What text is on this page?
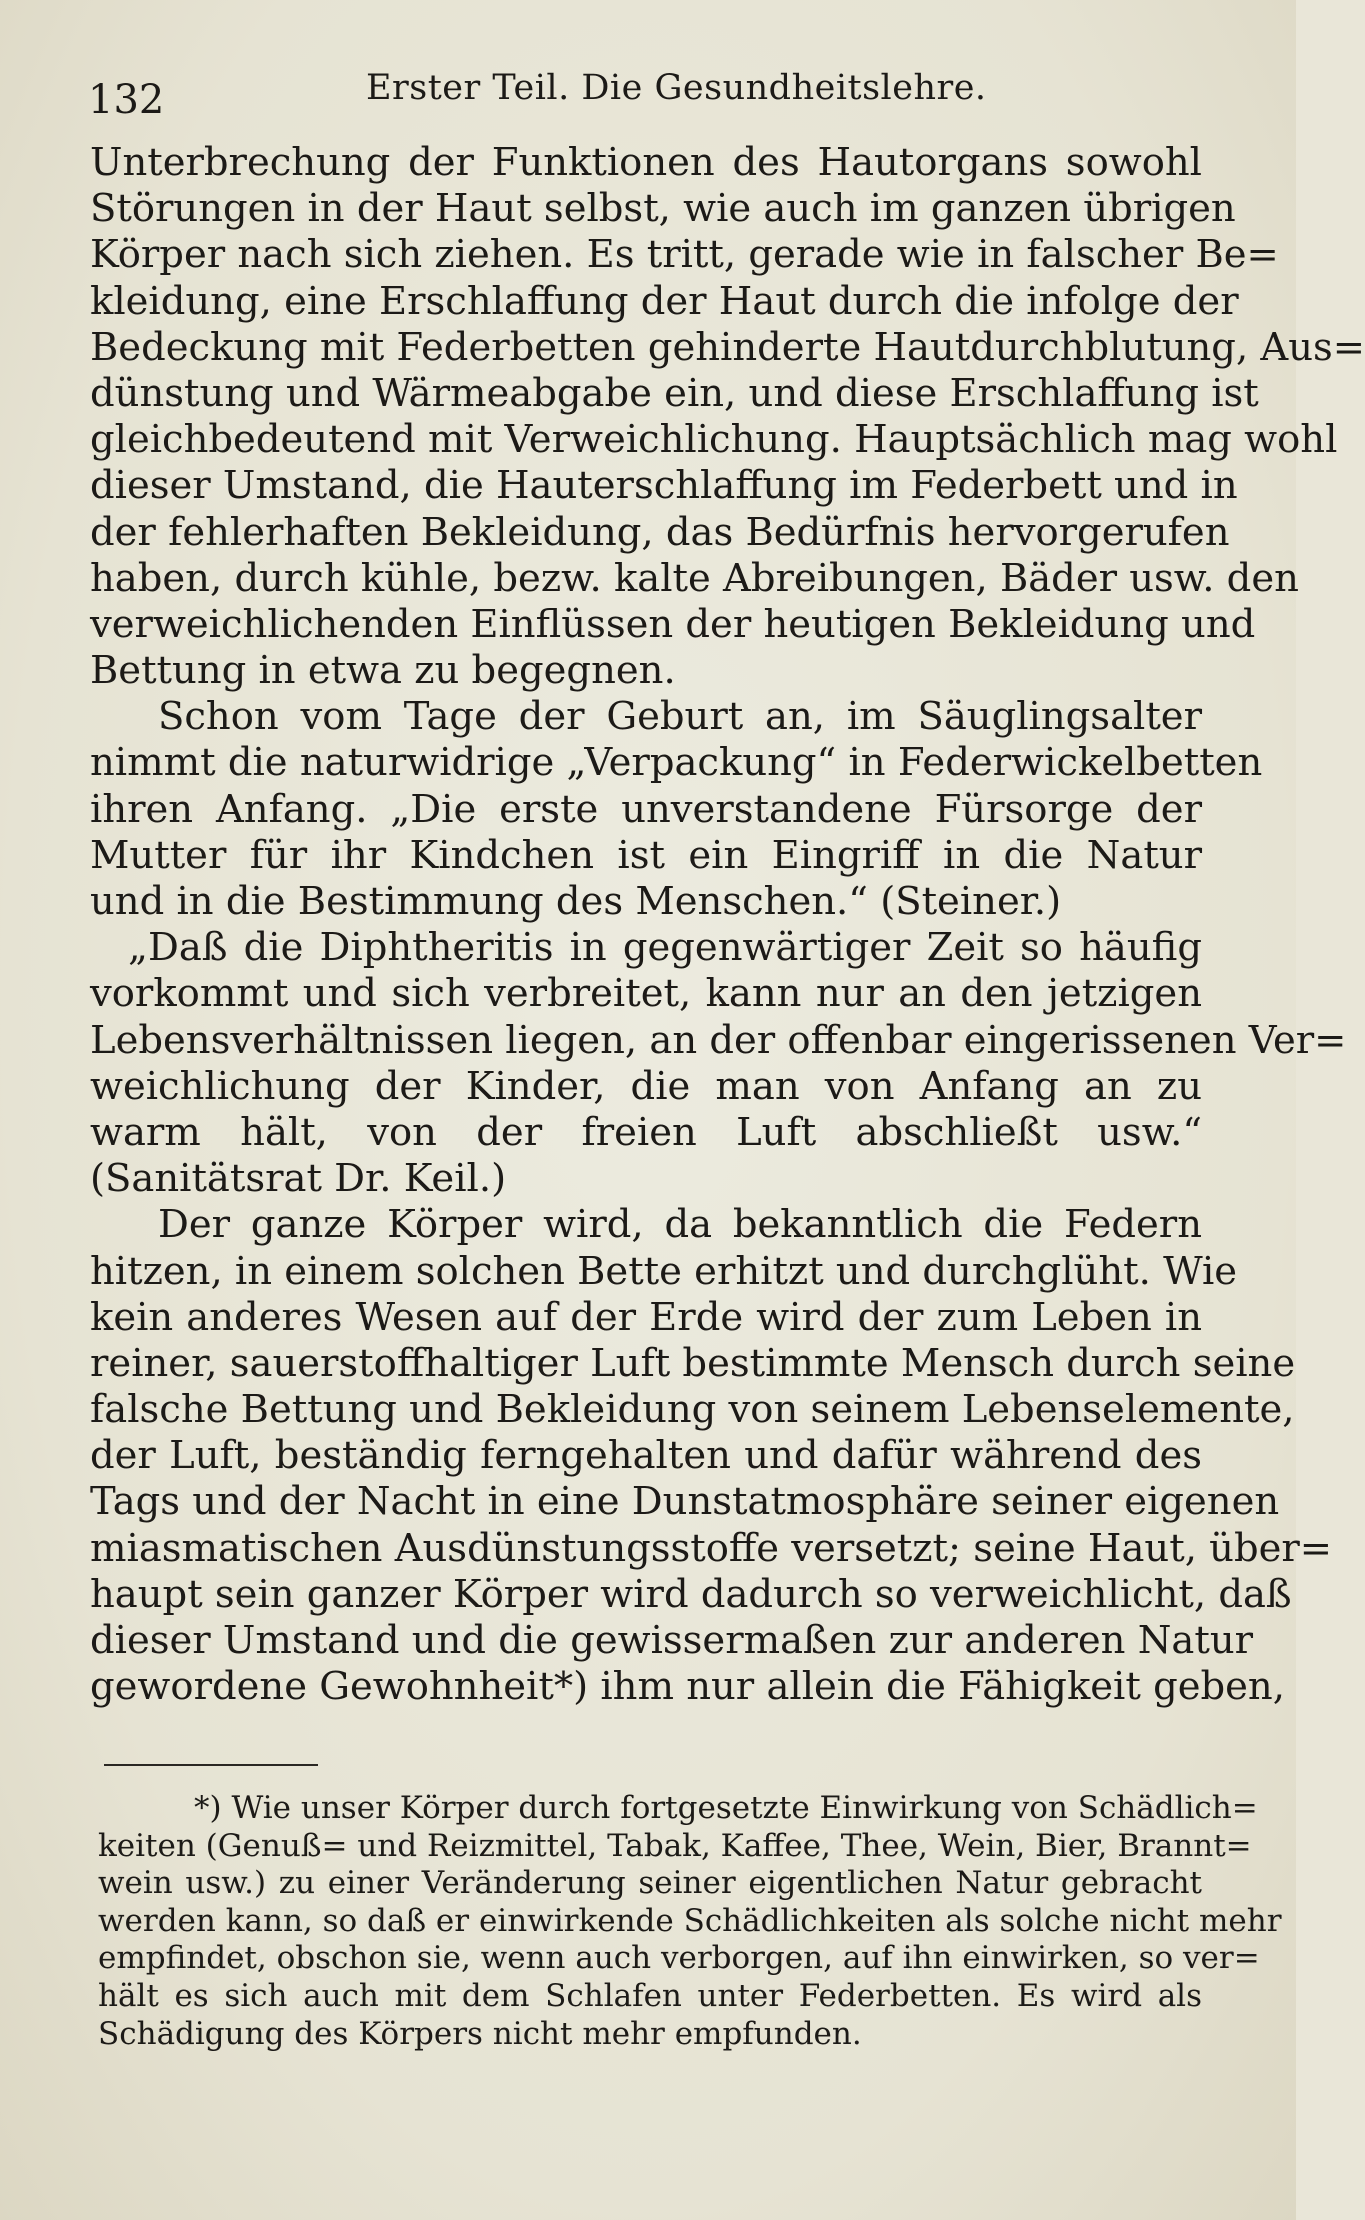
132	Erster Teil. Die Gesundheitslehre.
Unterbrechung der Funktionen des Hautorgans sowohl
Störungen in der Haut selbst, wie auch im ganzen übrigen
Körper nach sich ziehen. Es tritt, gerade wie in falscher Be=
kleidung, eine Erschlaffung der Haut durch die infolge der
Bedeckung mit Federbetten gehinderte Hautdurchblutung, Aus=
dünstung und Wärmeabgabe ein, und diese Erschlaffung ist
gleichbedeutend mit Verweichlichung. Hauptsächlich mag wohl
dieser Umstand, die Hauterschlaffung im Federbett und in
der fehlerhaften Bekleidung, das Bedürfnis hervorgerufen
haben, durch kühle, bezw. kalte Abreibungen, Bäder usw. den
verweichlichenden Einflüssen der heutigen Bekleidung und
Bettung in etwa zu begegnen.
Schon vom Tage der Geburt an, im Säuglingsalter
nimmt die naturwidrige „Verpackung“ in Federwickelbetten
ihren Anfang. „Die erste unverstandene Fürsorge der
Mutter für ihr Kindchen ist ein Eingriff in die Natur
und in die Bestimmung des Menschen.“ (Steiner.)
„Daß die Diphtheritis in gegenwärtiger Zeit so häufig
vorkommt und sich verbreitet, kann nur an den jetzigen
Lebensverhältnissen liegen, an der offenbar eingerissenen Ver=
weichlichung der Kinder, die man von Anfang an zu
warm hält, von der freien Luft abschließt usw.“
(Sanitätsrat Dr. Keil.)
Der ganze Körper wird, da bekanntlich die Federn
hitzen, in einem solchen Bette erhitzt und durchglüht. Wie
kein anderes Wesen auf der Erde wird der zum Leben in
reiner, sauerstoffhaltiger Luft bestimmte Mensch durch seine
falsche Bettung und Bekleidung von seinem Lebenselemente,
der Luft, beständig ferngehalten und dafür während des
Tags und der Nacht in eine Dunstatmosphäre seiner eigenen
miasmatischen Ausdünstungsstoffe versetzt; seine Haut, über=
haupt sein ganzer Körper wird dadurch so verweichlicht, daß
dieser Umstand und die gewissermaßen zur anderen Natur
gewordene Gewohnheit*) ihm nur allein die Fähigkeit geben,
*) Wie unser Körper durch fortgesetzte Einwirkung von Schädlich=
keiten (Genuß= und Reizmittel, Tabak, Kaffee, Thee, Wein, Bier, Brannt=
wein usw.) zu einer Veränderung seiner eigentlichen Natur gebracht
werden kann, so daß er einwirkende Schädlichkeiten als solche nicht mehr
empfindet, obschon sie, wenn auch verborgen, auf ihn einwirken, so ver=
hält es sich auch mit dem Schlafen unter Federbetten. Es wird als
Schädigung des Körpers nicht mehr empfunden.
